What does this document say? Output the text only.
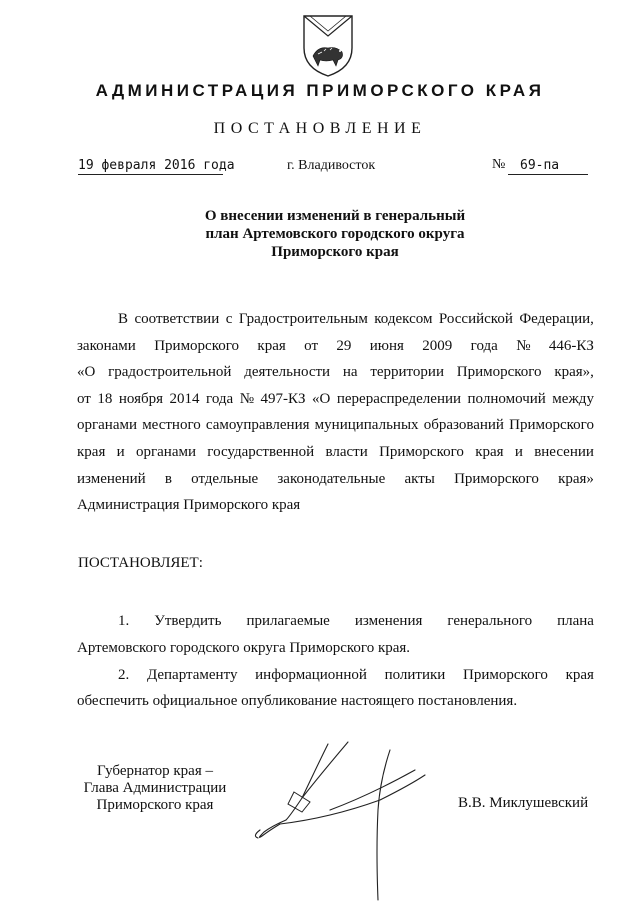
АДМИНИСТРАЦИЯ ПРИМОРСКОГО КРАЯ
ПОСТАНОВЛЕНИЕ
19 февраля 2016 года	г. Владивосток	№ 69-па
О внесении изменений в генеральный
план Артемовского городского округа
Приморского края
В соответствии с Градостроительным кодексом Российской Федерации,
законами Приморского края от 29 июня 2009 года № 446-КЗ
«О градостроительной деятельности на территории Приморского края»,
от 18 ноября 2014 года № 497-КЗ «О перераспределении полномочий между
органами местного самоуправления муниципальных образований Приморского
края и органами государственной власти Приморского края и внесении
изменений в отдельные законодательные акты Приморского края»
Администрация Приморского края
ПОСТАНОВЛЯЕТ:
1. Утвердить прилагаемые изменения генерального плана
Артемовского городского округа Приморского края.
2. Департаменту информационной политики Приморского края
обеспечить официальное опубликование настоящего постановления.
Губернатор края –
Глава Администрации
Приморского края	В.В. Миклушевский
